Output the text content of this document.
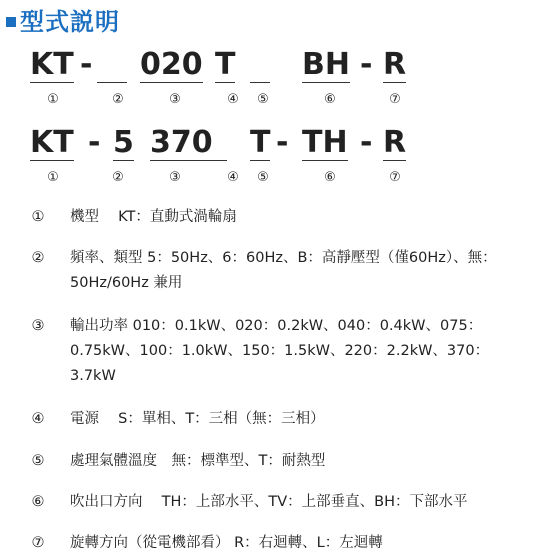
型式説明
KT - 020 T BH - R
①	②	③	④ ⑤	⑥	⑦
KT - 5 370	T - TH - R
①	②	③	④ ⑤	⑥	⑦
① 機型　 KT：直動式渦輪扇
② 頻率、類型 5：50Hz、6：60Hz、B：高靜壓型（僅60Hz）、無：
50Hz/60Hz 兼用
③ 輸出功率 010：0.1kW、020：0.2kW、040：0.4kW、075：
0.75kW、100：1.0kW、150：1.5kW、220：2.2kW、370：
3.7kW
④ 電源　 S：單相、T：三相（無：三相）
⑤ 處理氣體溫度　無：標準型、T：耐熱型
⑥ 吹出口方向　 TH：上部水平、TV：上部垂直、BH：下部水平
⑦ 旋轉方向（從電機部看） R：右迴轉、L：左迴轉
